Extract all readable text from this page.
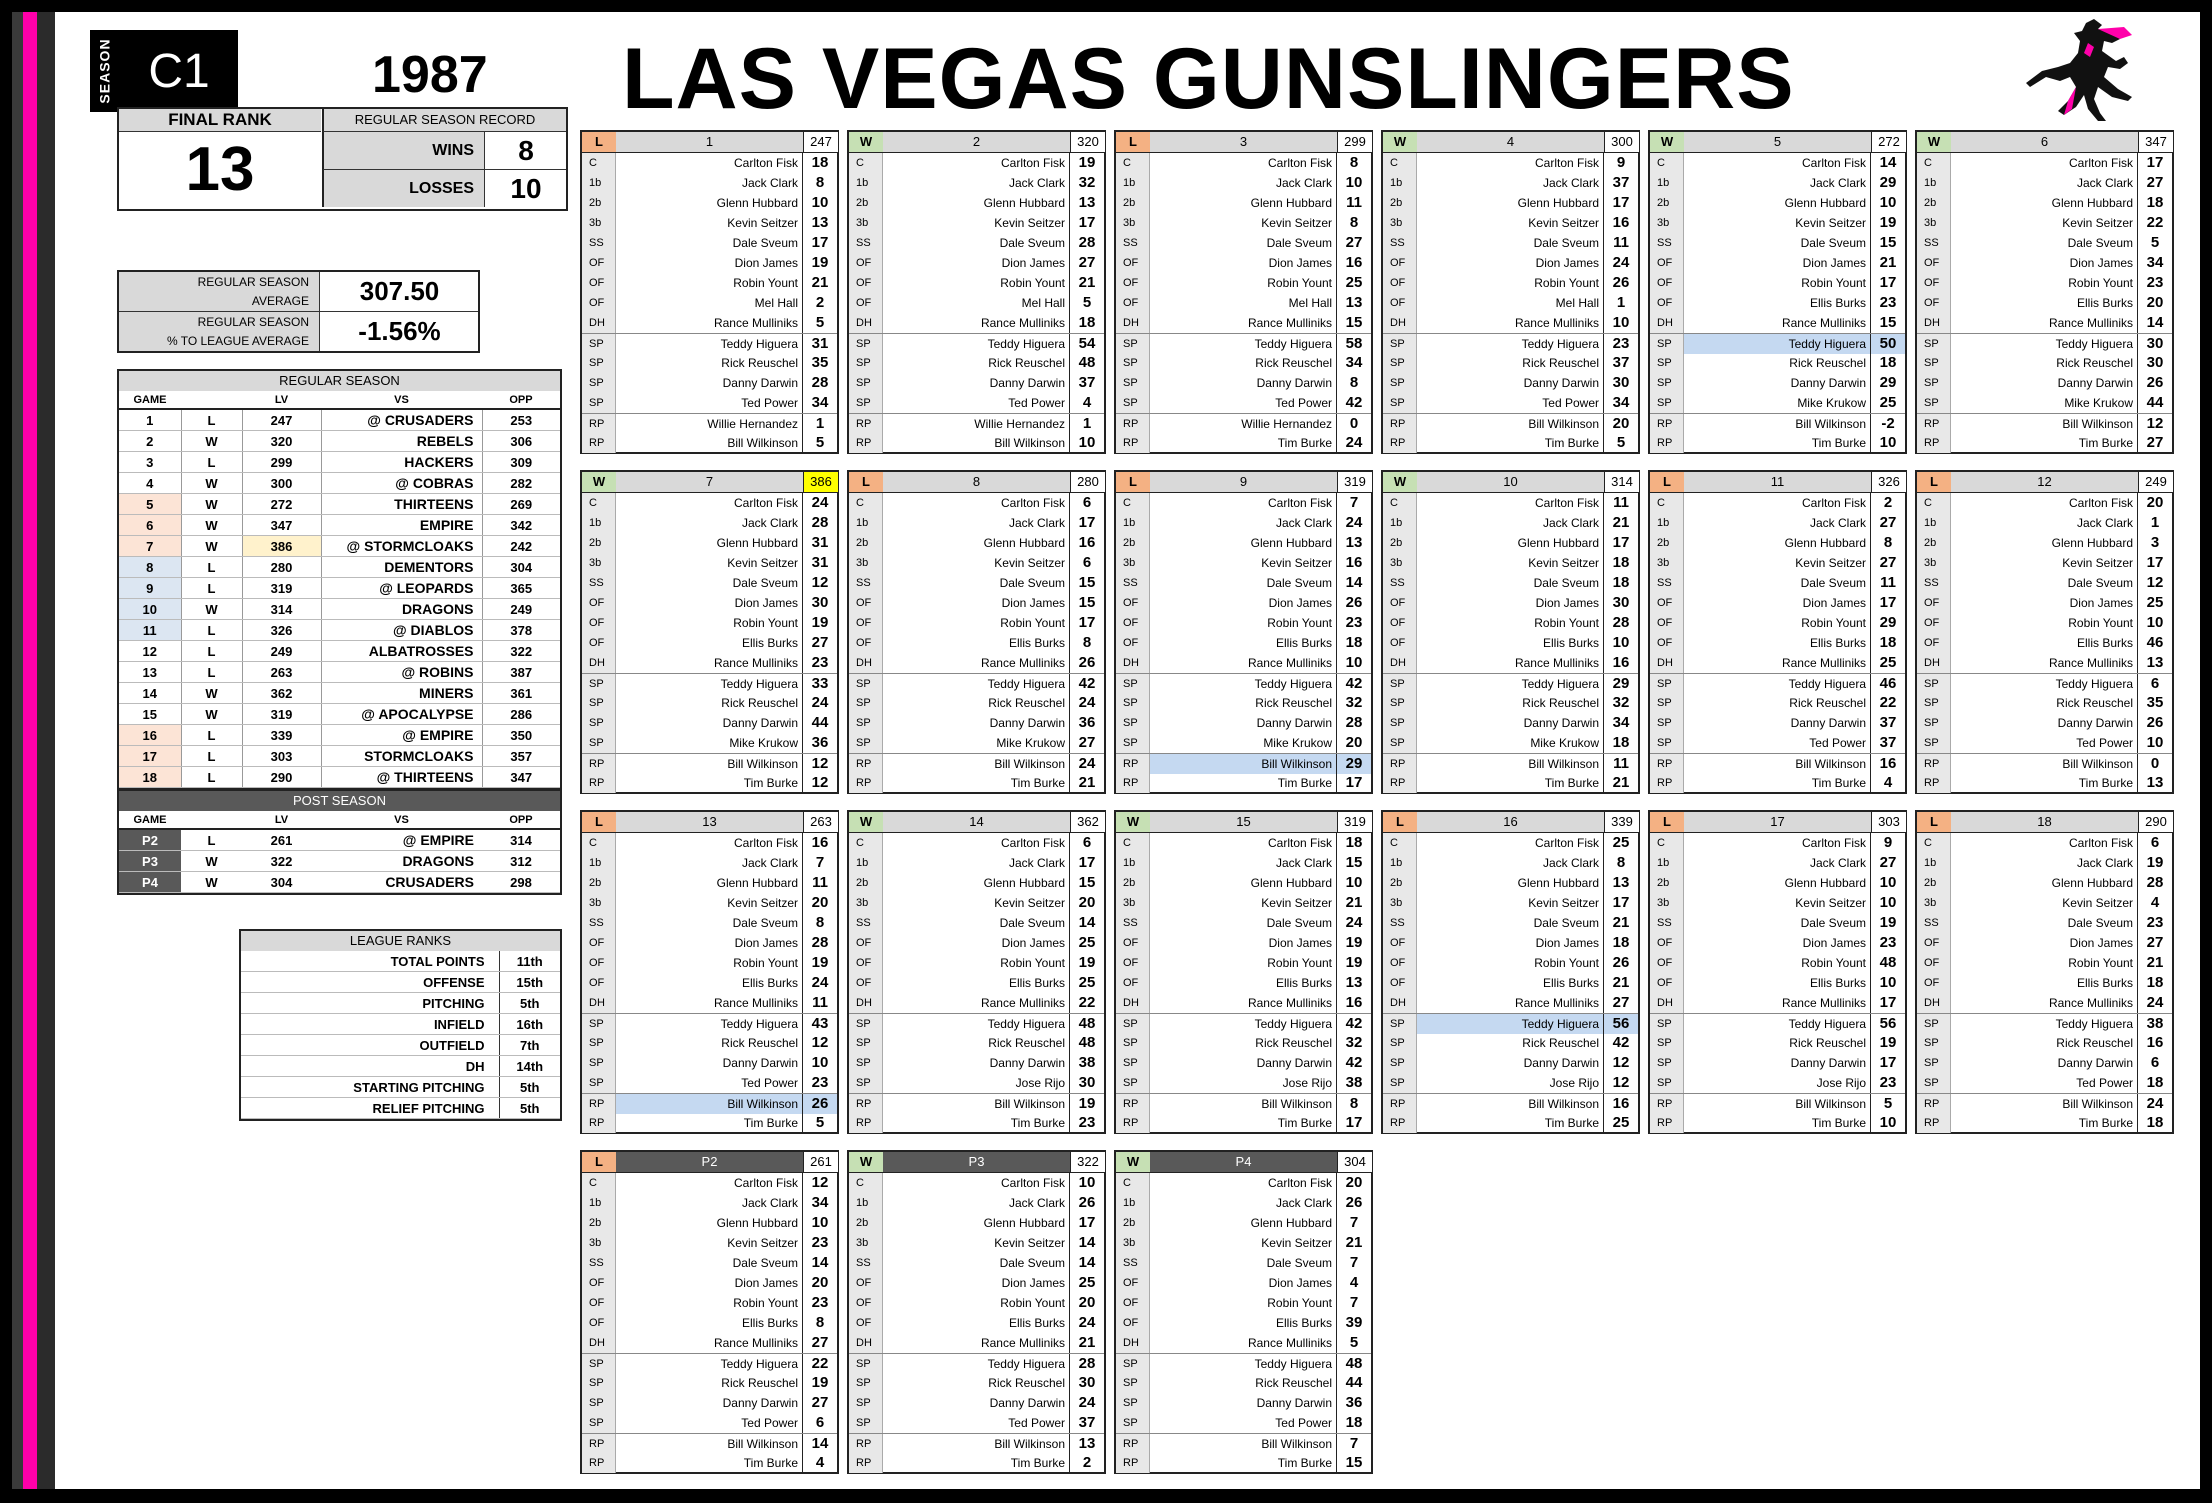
SEASON C1	1987 LAS VEGAS GUNSLINGERS
FINAL RANK
13
REGULAR SEASON RECORD
WINS	8
LOSSES	10
REGULAR SEASON
AVERAGE	307.50
REGULAR SEASON
% TO LEAGUE AVERAGE	-1.56%
REGULAR SEASON
GAME		LV	VS	OPP
1	L	247	@ CRUSADERS	253
2	W	320	REBELS	306
3	L	299	HACKERS	309
4	W	300	@ COBRAS	282
5	W	272	THIRTEENS	269
6	W	347	EMPIRE	342
7	W	386	@ STORMCLOAKS	242
8	L	280	DEMENTORS	304
9	L	319	@ LEOPARDS	365
10	W	314	DRAGONS	249
11	L	326	@ DIABLOS	378
12	L	249	ALBATROSSES	322
13	L	263	@ ROBINS	387
14	W	362	MINERS	361
15	W	319	@ APOCALYPSE	286
16	L	339	@ EMPIRE	350
17	L	303	STORMCLOAKS	357
18	L	290	@ THIRTEENS	347
POST SEASON
GAME		LV	VS	OPP
P2	L	261	@ EMPIRE	314
P3	W	322	DRAGONS	312
P4	W	304	CRUSADERS	298
LEAGUE RANKS
TOTAL POINTS	11th
OFFENSE	15th
PITCHING	5th
INFIELD	16th
OUTFIELD	7th
DH	14th
STARTING PITCHING	5th
RELIEF PITCHING	5th
L	1	247
C	Carlton Fisk 18
1b	Jack Clark	8
2b	Glenn Hubbard 10
3b	Kevin Seitzer 13
SS	Dale Sveum 17
OF	Dion James 19
OF	Robin Yount 21
OF	Mel Hall	2
DH	Rance Mulliniks	5
SP	Teddy Higuera 31
SP	Rick Reuschel 35
SP	Danny Darwin 28
SP	Ted Power 34
RP	Willie Hernandez	1
RP	Bill Wilkinson	5
W	2	320
C	Carlton Fisk 19
1b	Jack Clark 32
2b	Glenn Hubbard 13
3b	Kevin Seitzer 17
SS	Dale Sveum 28
OF	Dion James 27
OF	Robin Yount 21
OF	Mel Hall	5
DH	Rance Mulliniks 18
SP	Teddy Higuera 54
SP	Rick Reuschel 48
SP	Danny Darwin 37
SP	Ted Power	4
RP	Willie Hernandez	1
RP	Bill Wilkinson 10
L	3	299
C	Carlton Fisk	8
1b	Jack Clark 10
2b	Glenn Hubbard 11
3b	Kevin Seitzer	8
SS	Dale Sveum 27
OF	Dion James 16
OF	Robin Yount 25
OF	Mel Hall 13
DH	Rance Mulliniks 15
SP	Teddy Higuera 58
SP	Rick Reuschel 34
SP	Danny Darwin	8
SP	Ted Power 42
RP	Willie Hernandez	0
RP	Tim Burke 24
W	4	300
C	Carlton Fisk	9
1b	Jack Clark 37
2b	Glenn Hubbard 17
3b	Kevin Seitzer 16
SS	Dale Sveum 11
OF	Dion James 24
OF	Robin Yount 26
OF	Mel Hall	1
DH	Rance Mulliniks 10
SP	Teddy Higuera 23
SP	Rick Reuschel 37
SP	Danny Darwin 30
SP	Ted Power 34
RP	Bill Wilkinson 20
RP	Tim Burke	5
W	5	272
C	Carlton Fisk 14
1b	Jack Clark 29
2b	Glenn Hubbard 10
3b	Kevin Seitzer 19
SS	Dale Sveum 15
OF	Dion James 21
OF	Robin Yount 17
OF	Ellis Burks 23
DH	Rance Mulliniks 15
SP	Teddy Higuera 50
SP	Rick Reuschel 18
SP	Danny Darwin 29
SP	Mike Krukow 25
RP	Bill Wilkinson	-2
RP	Tim Burke 10
W	6	347
C	Carlton Fisk 17
1b	Jack Clark 27
2b	Glenn Hubbard 18
3b	Kevin Seitzer 22
SS	Dale Sveum	5
OF	Dion James 34
OF	Robin Yount 23
OF	Ellis Burks 20
DH	Rance Mulliniks 14
SP	Teddy Higuera 30
SP	Rick Reuschel 30
SP	Danny Darwin 26
SP	Mike Krukow 44
RP	Bill Wilkinson 12
RP	Tim Burke 27
W	7	386
C	Carlton Fisk 24
1b	Jack Clark 28
2b	Glenn Hubbard 31
3b	Kevin Seitzer 31
SS	Dale Sveum 12
OF	Dion James 30
OF	Robin Yount 19
OF	Ellis Burks 27
DH	Rance Mulliniks 23
SP	Teddy Higuera 33
SP	Rick Reuschel 24
SP	Danny Darwin 44
SP	Mike Krukow 36
RP	Bill Wilkinson 12
RP	Tim Burke 12
L	8	280
C	Carlton Fisk	6
1b	Jack Clark 17
2b	Glenn Hubbard 16
3b	Kevin Seitzer	6
SS	Dale Sveum 15
OF	Dion James 15
OF	Robin Yount 17
OF	Ellis Burks	8
DH	Rance Mulliniks 26
SP	Teddy Higuera 42
SP	Rick Reuschel 24
SP	Danny Darwin 36
SP	Mike Krukow 27
RP	Bill Wilkinson 24
RP	Tim Burke 21
L	9	319
C	Carlton Fisk	7
1b	Jack Clark 24
2b	Glenn Hubbard 13
3b	Kevin Seitzer 16
SS	Dale Sveum 14
OF	Dion James 26
OF	Robin Yount 23
OF	Ellis Burks 18
DH	Rance Mulliniks 10
SP	Teddy Higuera 42
SP	Rick Reuschel 32
SP	Danny Darwin 28
SP	Mike Krukow 20
RP	Bill Wilkinson 29
RP	Tim Burke 17
W	10	314
C	Carlton Fisk 11
1b	Jack Clark 21
2b	Glenn Hubbard 17
3b	Kevin Seitzer 18
SS	Dale Sveum 18
OF	Dion James 30
OF	Robin Yount 28
OF	Ellis Burks 10
DH	Rance Mulliniks 16
SP	Teddy Higuera 29
SP	Rick Reuschel 32
SP	Danny Darwin 34
SP	Mike Krukow 18
RP	Bill Wilkinson 11
RP	Tim Burke 21
L	11	326
C	Carlton Fisk	2
1b	Jack Clark 27
2b	Glenn Hubbard	8
3b	Kevin Seitzer 27
SS	Dale Sveum 11
OF	Dion James 17
OF	Robin Yount 29
OF	Ellis Burks 18
DH	Rance Mulliniks 25
SP	Teddy Higuera 46
SP	Rick Reuschel 22
SP	Danny Darwin 37
SP	Ted Power 37
RP	Bill Wilkinson 16
RP	Tim Burke	4
L	12	249
C	Carlton Fisk 20
1b	Jack Clark	1
2b	Glenn Hubbard	3
3b	Kevin Seitzer 17
SS	Dale Sveum 12
OF	Dion James 25
OF	Robin Yount 10
OF	Ellis Burks 46
DH	Rance Mulliniks 13
SP	Teddy Higuera	6
SP	Rick Reuschel 35
SP	Danny Darwin 26
SP	Ted Power 10
RP	Bill Wilkinson	0
RP	Tim Burke 13
L	13	263
C	Carlton Fisk 16
1b	Jack Clark	7
2b	Glenn Hubbard 11
3b	Kevin Seitzer 20
SS	Dale Sveum	8
OF	Dion James 28
OF	Robin Yount 19
OF	Ellis Burks 24
DH	Rance Mulliniks 11
SP	Teddy Higuera 43
SP	Rick Reuschel 12
SP	Danny Darwin 10
SP	Ted Power 23
RP	Bill Wilkinson 26
RP	Tim Burke	5
W	14	362
C	Carlton Fisk	6
1b	Jack Clark 17
2b	Glenn Hubbard 15
3b	Kevin Seitzer 20
SS	Dale Sveum 14
OF	Dion James 25
OF	Robin Yount 19
OF	Ellis Burks 25
DH	Rance Mulliniks 22
SP	Teddy Higuera 48
SP	Rick Reuschel 48
SP	Danny Darwin 38
SP	Jose Rijo 30
RP	Bill Wilkinson 19
RP	Tim Burke 23
W	15	319
C	Carlton Fisk 18
1b	Jack Clark 15
2b	Glenn Hubbard 10
3b	Kevin Seitzer 21
SS	Dale Sveum 24
OF	Dion James 19
OF	Robin Yount 19
OF	Ellis Burks 13
DH	Rance Mulliniks 16
SP	Teddy Higuera 42
SP	Rick Reuschel 32
SP	Danny Darwin 42
SP	Jose Rijo 38
RP	Bill Wilkinson	8
RP	Tim Burke 17
L	16	339
C	Carlton Fisk 25
1b	Jack Clark	8
2b	Glenn Hubbard 13
3b	Kevin Seitzer 17
SS	Dale Sveum 21
OF	Dion James 18
OF	Robin Yount 26
OF	Ellis Burks 21
DH	Rance Mulliniks 27
SP	Teddy Higuera 56
SP	Rick Reuschel 42
SP	Danny Darwin 12
SP	Jose Rijo 12
RP	Bill Wilkinson 16
RP	Tim Burke 25
L	17	303
C	Carlton Fisk	9
1b	Jack Clark 27
2b	Glenn Hubbard 10
3b	Kevin Seitzer 10
SS	Dale Sveum 19
OF	Dion James 23
OF	Robin Yount 48
OF	Ellis Burks 10
DH	Rance Mulliniks 17
SP	Teddy Higuera 56
SP	Rick Reuschel 19
SP	Danny Darwin 17
SP	Jose Rijo 23
RP	Bill Wilkinson	5
RP	Tim Burke 10
L	18	290
C	Carlton Fisk	6
1b	Jack Clark 19
2b	Glenn Hubbard 28
3b	Kevin Seitzer	4
SS	Dale Sveum 23
OF	Dion James 27
OF	Robin Yount 21
OF	Ellis Burks 18
DH	Rance Mulliniks 24
SP	Teddy Higuera 38
SP	Rick Reuschel 16
SP	Danny Darwin	6
SP	Ted Power 18
RP	Bill Wilkinson 24
RP	Tim Burke 18
L	P2	261
C	Carlton Fisk 12
1b	Jack Clark 34
2b	Glenn Hubbard 10
3b	Kevin Seitzer 23
SS	Dale Sveum 14
OF	Dion James 20
OF	Robin Yount 23
OF	Ellis Burks	8
DH	Rance Mulliniks 27
SP	Teddy Higuera 22
SP	Rick Reuschel 19
SP	Danny Darwin 27
SP	Ted Power	6
RP	Bill Wilkinson 14
RP	Tim Burke	4
W	P3	322
C	Carlton Fisk 10
1b	Jack Clark 26
2b	Glenn Hubbard 17
3b	Kevin Seitzer 14
SS	Dale Sveum 14
OF	Dion James 25
OF	Robin Yount 20
OF	Ellis Burks 24
DH	Rance Mulliniks 21
SP	Teddy Higuera 28
SP	Rick Reuschel 30
SP	Danny Darwin 24
SP	Ted Power 37
RP	Bill Wilkinson 13
RP	Tim Burke	2
W	P4	304
C	Carlton Fisk 20
1b	Jack Clark 26
2b	Glenn Hubbard	7
3b	Kevin Seitzer 21
SS	Dale Sveum	7
OF	Dion James	4
OF	Robin Yount	7
OF	Ellis Burks 39
DH	Rance Mulliniks	5
SP	Teddy Higuera 48
SP	Rick Reuschel 44
SP	Danny Darwin 36
SP	Ted Power 18
RP	Bill Wilkinson	7
RP	Tim Burke 15
